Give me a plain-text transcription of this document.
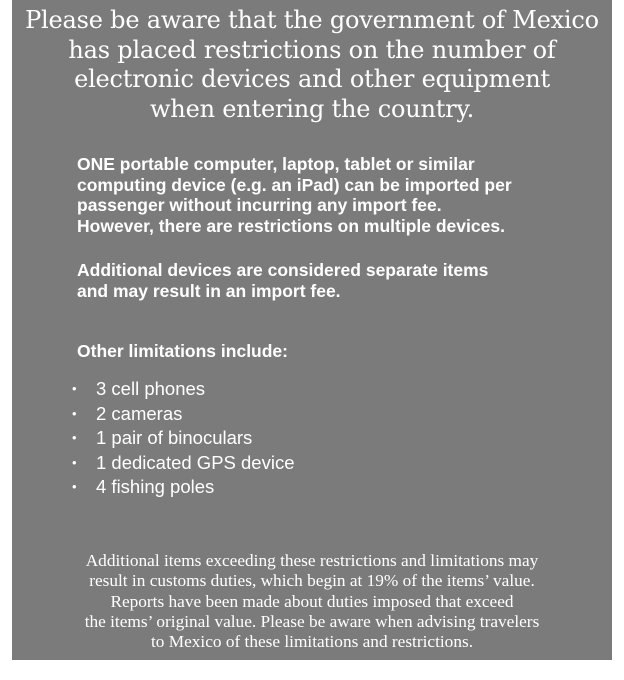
Please be aware that the government of Mexico
has placed restrictions on the number of
electronic devices and other equipment
when entering the country.

ONE portable computer, laptop, tablet or similar
computing device (e.g. an iPad) can be imported per
passenger without incurring any import fee.
However, there are restrictions on multiple devices.

Additional devices are considered separate items
and may result in an import fee.

Other limitations include:

•	3 cell phones
•	2 cameras
•	1 pair of binoculars
•	1 dedicated GPS device
•	4 fishing poles

Additional items exceeding these restrictions and limitations may
result in customs duties, which begin at 19% of the items’ value.
Reports have been made about duties imposed that exceed
the items’ original value. Please be aware when advising travelers
to Mexico of these limitations and restrictions.
